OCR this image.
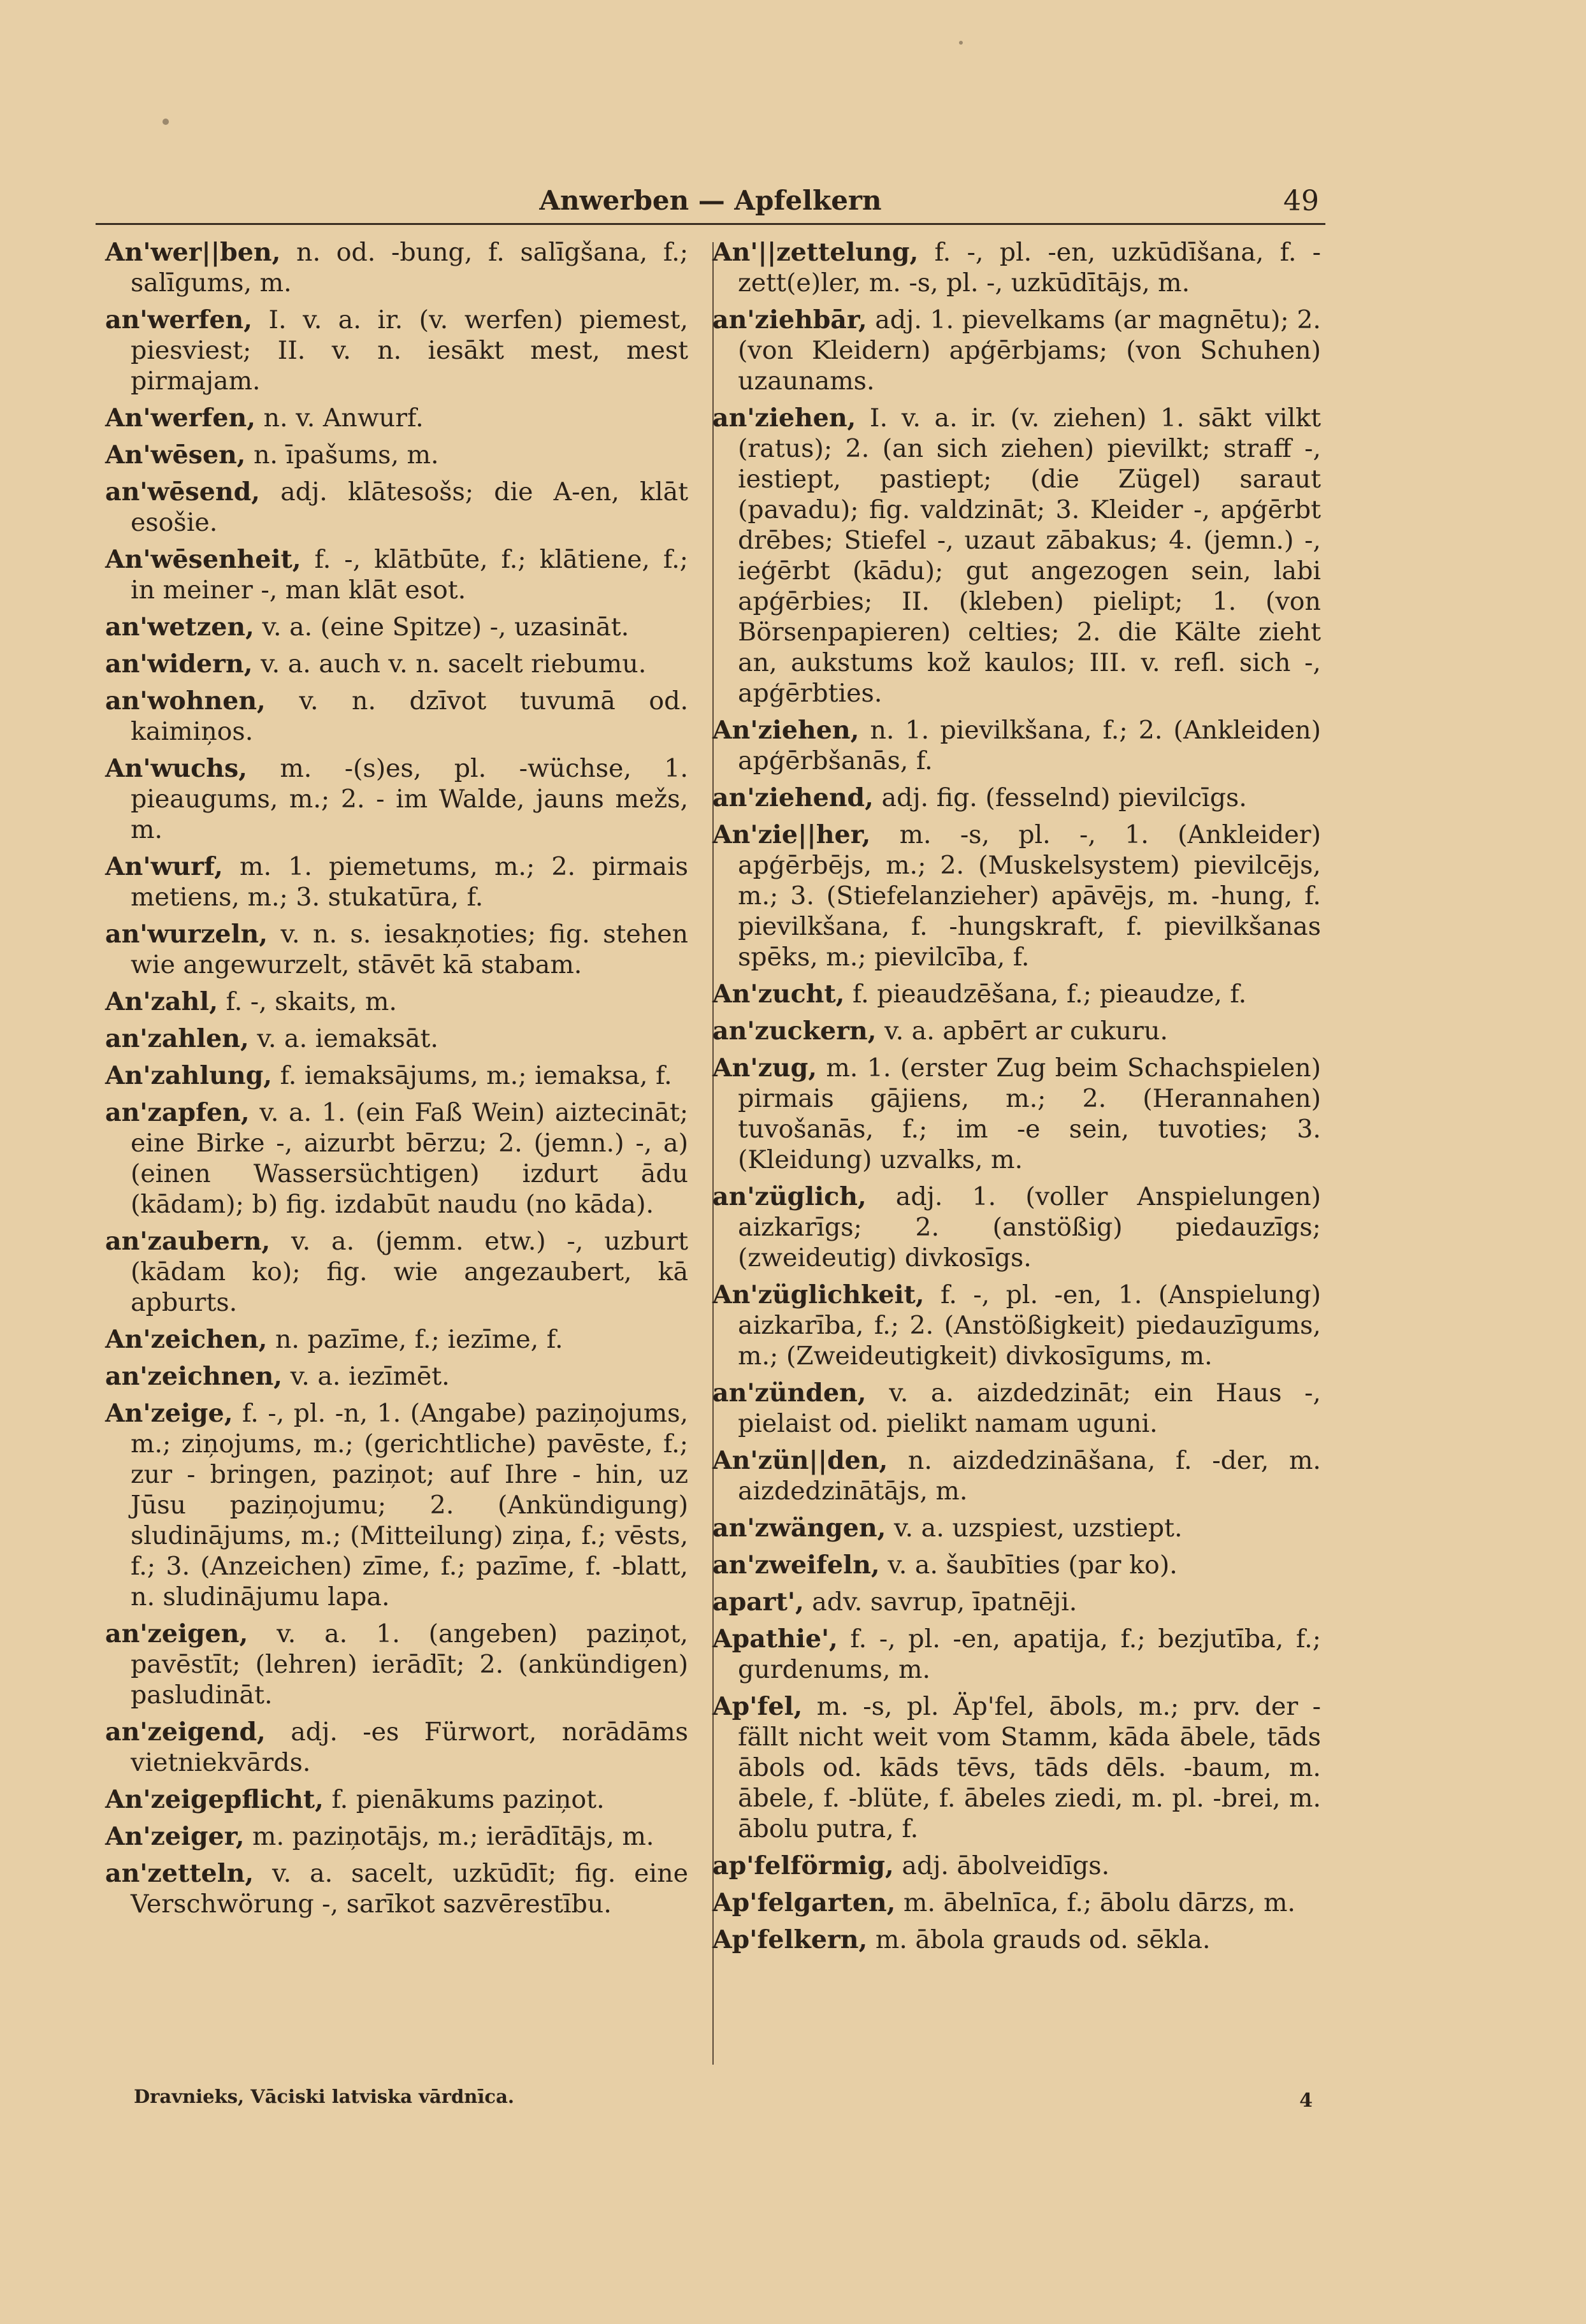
Anwerben — Apfelkern	49

An'wer||ben, n. od. -bung, f. salīgšana, f.; salīgums, m.

an'werfen, I. v. a. ir. (v. werfen) piemest, piesviest; II. v. n. iesākt mest, mest pirmajam.

An'werfen, n. v. Anwurf.

An'wēsen, n. īpašums, m.

an'wēsend, adj. klātesošs; die A-en, klāt esošie.

An'wēsenheit, f. -, klātbūte, f.; klātiene, f.; in meiner -, man klāt esot.

an'wetzen, v. a. (eine Spitze) -, uzasināt.

an'widern, v. a. auch v. n. sacelt riebumu.

an'wohnen, v. n. dzīvot tuvumā od. kaimiņos.

An'wuchs, m. -(s)es, pl. -wüchse, 1. pieaugums, m.; 2. - im Walde, jauns mežs, m.

An'wurf, m. 1. piemetums, m.; 2. pirmais metiens, m.; 3. stukatūra, f.

an'wurzeln, v. n. s. iesakņoties; fig. stehen wie angewurzelt, stāvēt kā stabam.

An'zahl, f. -, skaits, m.

an'zahlen, v. a. iemaksāt.

An'zahlung, f. iemaksājums, m.; iemaksa, f.

an'zapfen, v. a. 1. (ein Faß Wein) aiztecināt; eine Birke -, aizurbt bērzu; 2. (jemn.) -, a) (einen Wassersüchtigen) izdurt ādu (kādam); b) fig. izdabūt naudu (no kāda).

an'zaubern, v. a. (jemm. etw.) -, uzburt (kādam ko); fig. wie angezaubert, kā apburts.

An'zeichen, n. pazīme, f.; iezīme, f.

an'zeichnen, v. a. iezīmēt.

An'zeige, f. -, pl. -n, 1. (Angabe) paziņojums, m.; ziņojums, m.; (gerichtliche) pavēste, f.; zur - bringen, paziņot; auf Ihre - hin, uz Jūsu paziņojumu; 2. (Ankündigung) sludinājums, m.; (Mitteilung) ziņa, f.; vēsts, f.; 3. (Anzeichen) zīme, f.; pazīme, f. -blatt, n. sludinājumu lapa.

an'zeigen, v. a. 1. (angeben) paziņot, pavēstīt; (lehren) ierādīt; 2. (ankündigen) pasludināt.

an'zeigend, adj. -es Fürwort, norādāms vietniekvārds.

An'zeigepflicht, f. pienākums paziņot.

An'zeiger, m. paziņotājs, m.; ierādītājs, m.

an'zetteln, v. a. sacelt, uzkūdīt; fig. eine Verschwörung -, sarīkot sazvērestību.

An'||zettelung, f. -, pl. -en, uzkūdīšana, f. -zett(e)ler, m. -s, pl. -, uzkūdītājs, m.

an'ziehbār, adj. 1. pievelkams (ar magnētu); 2. (von Kleidern) apģērbjams; (von Schuhen) uzaunams.

an'ziehen, I. v. a. ir. (v. ziehen) 1. sākt vilkt (ratus); 2. (an sich ziehen) pievilkt; straff -, iestiept, pastiept; (die Zügel) saraut (pavadu); fig. valdzināt; 3. Kleider -, apģērbt drēbes; Stiefel -, uzaut zābakus; 4. (jemn.) -, ieģērbt (kādu); gut angezogen sein, labi apģērbies; II. (kleben) pielipt; 1. (von Börsenpapieren) celties; 2. die Kälte zieht an, aukstums kož kaulos; III. v. refl. sich -, apģērbties.

An'ziehen, n. 1. pievilkšana, f.; 2. (Ankleiden) apģērbšanās, f.

an'ziehend, adj. fig. (fesselnd) pievilcīgs.

An'zie||her, m. -s, pl. -, 1. (Ankleider) apģērbējs, m.; 2. (Muskelsystem) pievilcējs, m.; 3. (Stiefelanzieher) apāvējs, m. -hung, f. pievilkšana, f. -hungskraft, f. pievilkšanas spēks, m.; pievilcība, f.

An'zucht, f. pieaudzēšana, f.; pieaudze, f.

an'zuckern, v. a. apbērt ar cukuru.

An'zug, m. 1. (erster Zug beim Schachspielen) pirmais gājiens, m.; 2. (Herannahen) tuvošanās, f.; im -e sein, tuvoties; 3. (Kleidung) uzvalks, m.

an'züglich, adj. 1. (voller Anspielungen) aizkarīgs; 2. (anstößig) piedauzīgs; (zweideutig) divkosīgs.

An'züglichkeit, f. -, pl. -en, 1. (Anspielung) aizkarība, f.; 2. (Anstößigkeit) piedauzīgums, m.; (Zweideutigkeit) divkosīgums, m.

an'zünden, v. a. aizdedzināt; ein Haus -, pielaist od. pielikt namam uguni.

An'zün||den, n. aizdedzināšana, f. -der, m. aizdedzinātājs, m.

an'zwängen, v. a. uzspiest, uzstiept.

an'zweifeln, v. a. šaubīties (par ko).

apart', adv. savrup, īpatnēji.

Apathie', f. -, pl. -en, apatija, f.; bezjutība, f.; gurdenums, m.

Ap'fel, m. -s, pl. Äp'fel, ābols, m.; prv. der - fällt nicht weit vom Stamm, kāda ābele, tāds ābols od. kāds tēvs, tāds dēls. -baum, m. ābele, f. -blüte, f. ābeles ziedi, m. pl. -brei, m. ābolu putra, f.

ap'felförmig, adj. ābolveidīgs.

Ap'felgarten, m. ābelnīca, f.; ābolu dārzs, m.

Ap'felkern, m. ābola grauds od. sēkla.

Dravnieks, Vāciski latviska vārdnīca.	4
